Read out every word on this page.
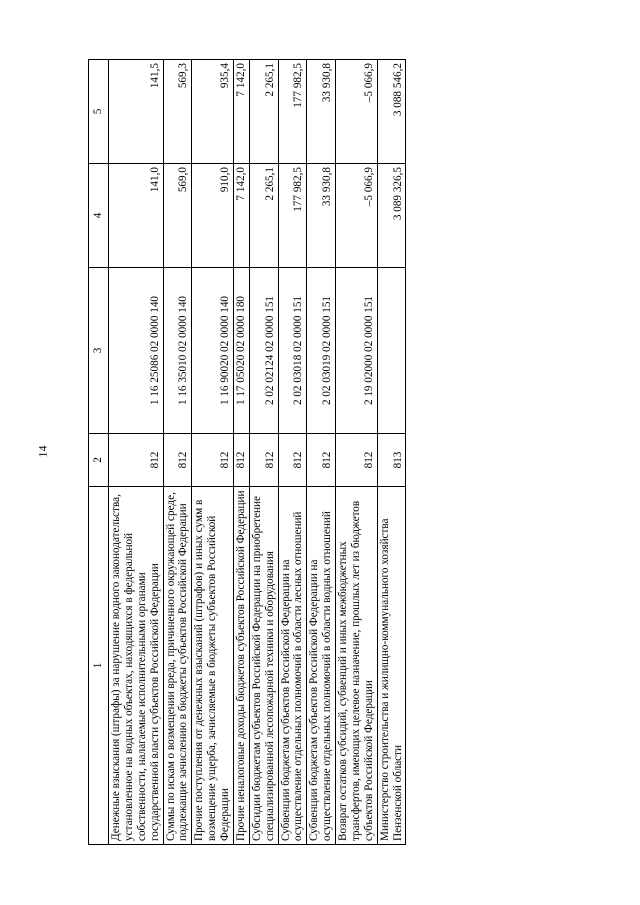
14
1	2	3	4	5
Денежные взыскания (штрафы) за нарушение водного законодательства, установленное на водных объектах, находящихся в федеральной собственности, налагаемые исполнительными органами государственной власти субъектов Российской Федерации	812	1 16 25086 02 0000 140	141,0	141,5
Суммы по искам о возмещении вреда, причиненного окружающей среде, подлежащие зачислению в бюджеты субъектов Российской Федерации	812	1 16 35010 02 0000 140	569,0	569,3
Прочие поступления от денежных взысканий (штрафов) и иных сумм в возмещение ущерба, зачисляемые в бюджеты субъектов Российской Федерации	812	1 16 90020 02 0000 140	910,0	935,4
Прочие неналоговые доходы бюджетов субъектов Российской Федерации	812	1 17 05020 02 0000 180	7 142,0	7 142,0
Субсидии бюджетам субъектов Российской Федерации на приобретение специализированной лесопожарной техники и оборудования	812	2 02 02124 02 0000 151	2 265,1	2 265,1
Субвенции бюджетам субъектов Российской Федерации на осуществление отдельных полномочий в области лесных отношений	812	2 02 03018 02 0000 151	177 982,5	177 982,5
Субвенции бюджетам субъектов Российской Федерации на осуществление отдельных полномочий в области водных отношений	812	2 02 03019 02 0000 151	33 930,8	33 930,8
Возврат остатков субсидий, субвенций и иных межбюджетных трансфертов, имеющих целевое назначение, прошлых лет из бюджетов субъектов Российской Федерации	812	2 19 02000 02 0000 151	–5 066,9	–5 066,9
Министерство строительства и жилищно-коммунального хозяйства Пензенской области	813		3 089 326,5	3 088 546,2
